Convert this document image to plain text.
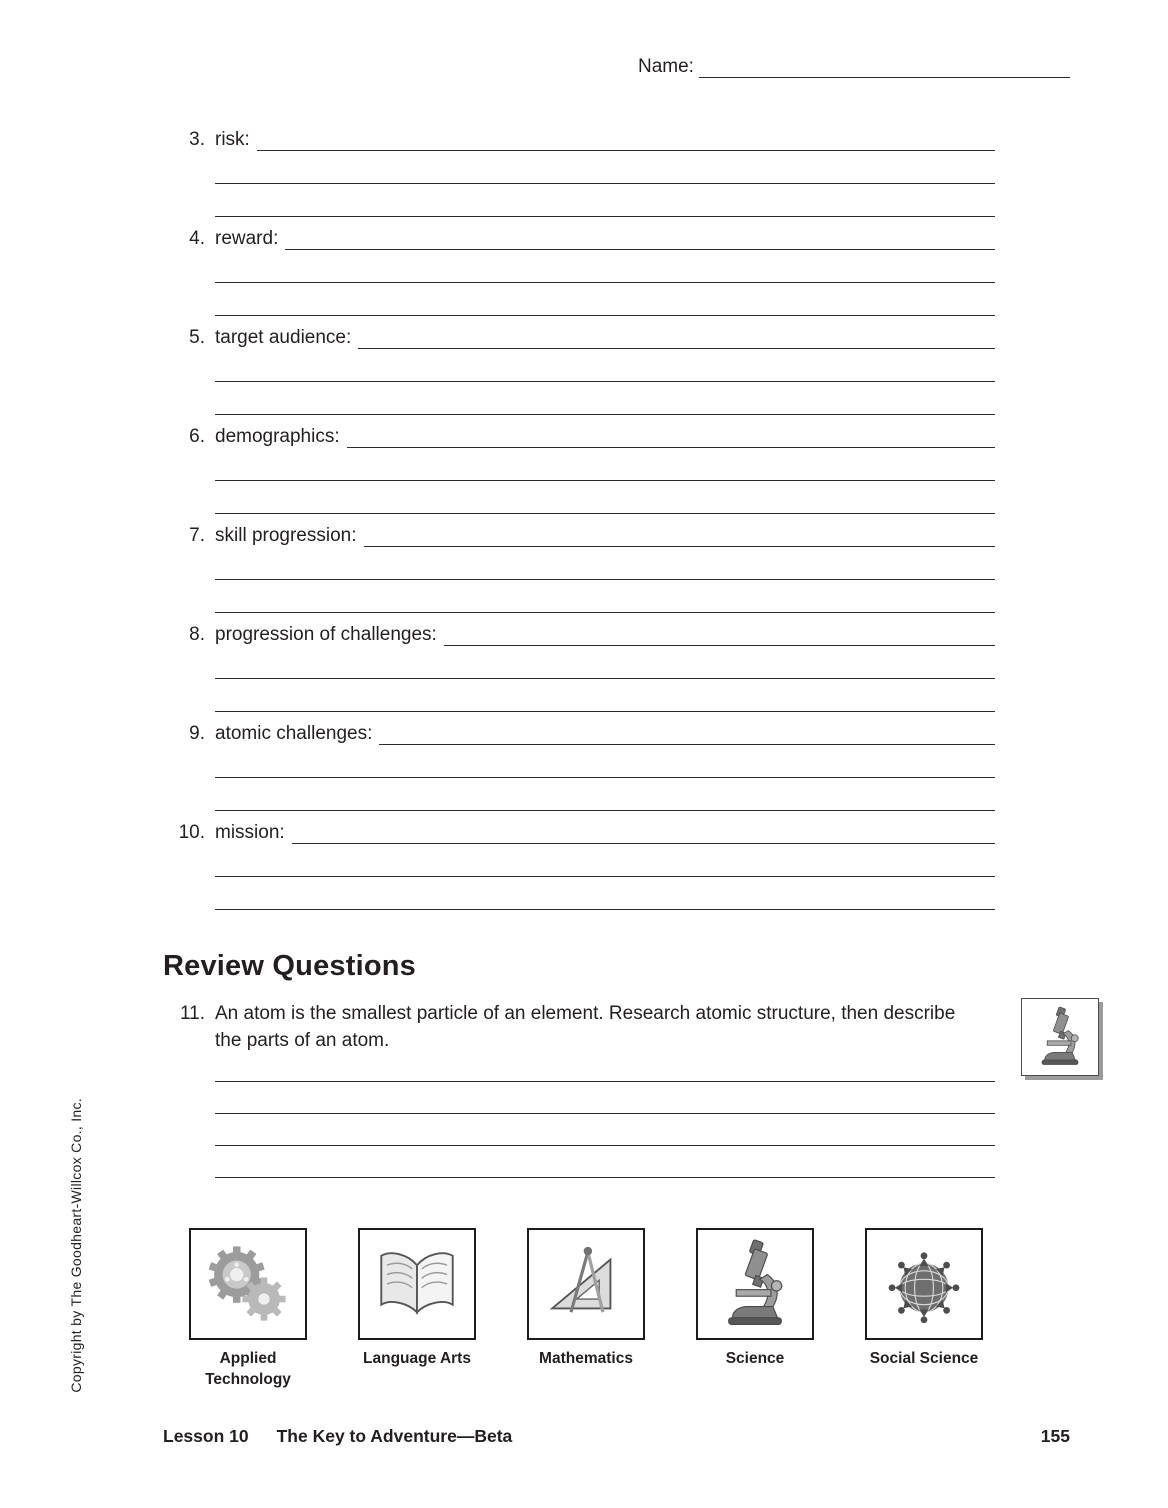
Name:
3. risk:
4. reward:
5. target audience:
6. demographics:
7. skill progression:
8. progression of challenges:
9. atomic challenges:
10. mission:
Review Questions
11. An atom is the smallest particle of an element. Research atomic structure, then describe the parts of an atom.
Applied Technology
Language Arts	Mathematics	Science	Social Science
Copyright by The Goodheart-Willcox Co., Inc.
Lesson 10 The Key to Adventure—Beta	155
